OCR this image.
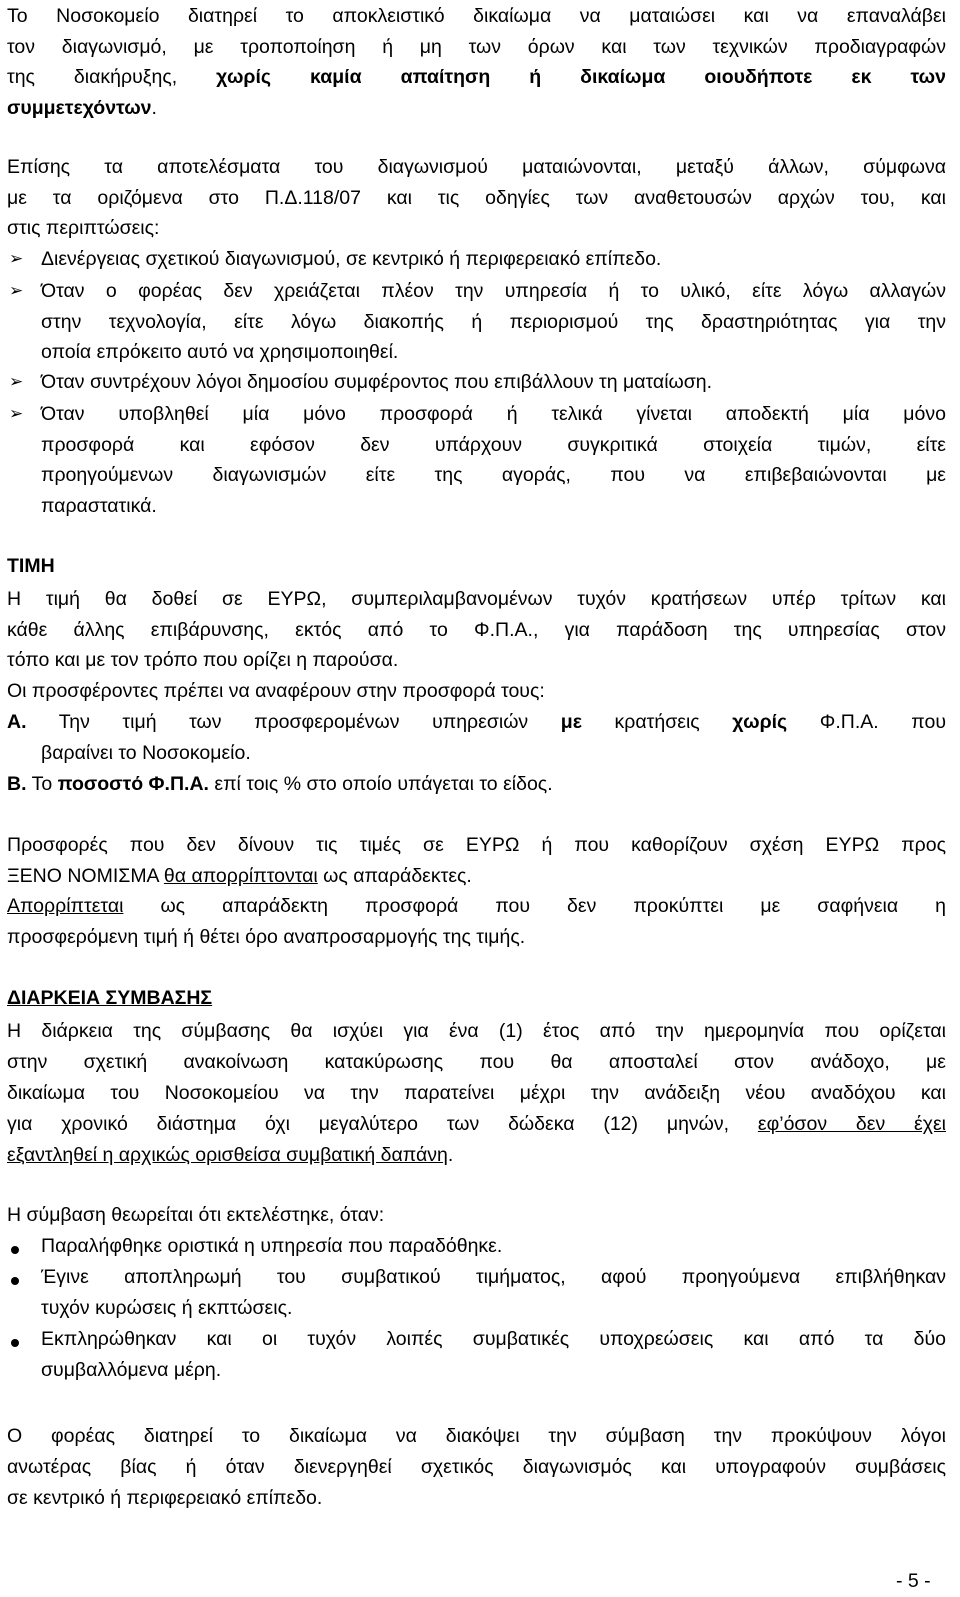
Το Νοσοκομείο διατηρεί το αποκλειστικό δικαίωμα να ματαιώσει και να επαναλάβει
τον διαγωνισμό, με τροποποίηση ή μη των όρων και των τεχνικών προδιαγραφών
της διακήρυξης, χωρίς καμία απαίτηση ή δικαίωμα οιουδήποτε εκ των
συμμετεχόντων.
Επίσης τα αποτελέσματα του διαγωνισμού ματαιώνονται, μεταξύ άλλων, σύμφωνα
με τα οριζόμενα στο Π.Δ.118/07 και τις οδηγίες των αναθετουσών αρχών του, και
στις περιπτώσεις:
➢ Διενέργειας σχετικού διαγωνισμού, σε κεντρικό ή περιφερειακό επίπεδο.
➢ Όταν ο φορέας δεν χρειάζεται πλέον την υπηρεσία ή το υλικό, είτε λόγω αλλαγών
στην τεχνολογία, είτε λόγω διακοπής ή περιορισμού της δραστηριότητας για την
οποία επρόκειτο αυτό να χρησιμοποιηθεί.
➢ Όταν συντρέχουν λόγοι δημοσίου συμφέροντος που επιβάλλουν τη ματαίωση.
➢ Όταν υποβληθεί μία μόνο προσφορά ή τελικά γίνεται αποδεκτή μία μόνο
προσφορά και εφόσον δεν υπάρχουν συγκριτικά στοιχεία τιμών, είτε
προηγούμενων διαγωνισμών είτε της αγοράς, που να επιβεβαιώνονται με
παραστατικά.
ΤΙΜΗ
Η τιμή θα δοθεί σε ΕΥΡΩ, συμπεριλαμβανομένων τυχόν κρατήσεων υπέρ τρίτων και
κάθε άλλης επιβάρυνσης, εκτός από το Φ.Π.Α., για παράδοση της υπηρεσίας στον
τόπο και με τον τρόπο που ορίζει η παρούσα.
Οι προσφέροντες πρέπει να αναφέρουν στην προσφορά τους:
Α. Την τιμή των προσφερομένων υπηρεσιών με κρατήσεις χωρίς Φ.Π.Α. που
βαραίνει το Νοσοκομείο.
Β. Το ποσοστό Φ.Π.Α. επί τοις % στο οποίο υπάγεται το είδος.
Προσφορές που δεν δίνουν τις τιμές σε ΕΥΡΩ ή που καθορίζουν σχέση ΕΥΡΩ προς
ΞΕΝΟ ΝΟΜΙΣΜΑ θα απορρίπτονται ως απαράδεκτες.
Απορρίπτεται ως απαράδεκτη προσφορά που δεν προκύπτει με σαφήνεια η
προσφερόμενη τιμή ή θέτει όρο αναπροσαρμογής της τιμής.
ΔΙΑΡΚΕΙΑ ΣΥΜΒΑΣΗΣ
Η διάρκεια της σύμβασης θα ισχύει για ένα (1) έτος από την ημερομηνία που ορίζεται
στην σχετική ανακοίνωση κατακύρωσης που θα αποσταλεί στον ανάδοχο, με
δικαίωμα του Νοσοκομείου να την παρατείνει μέχρι την ανάδειξη νέου αναδόχου και
για χρονικό διάστημα όχι μεγαλύτερο των δώδεκα (12) μηνών, εφ’όσον δεν έχει
εξαντληθεί η αρχικώς ορισθείσα συμβατική δαπάνη.
Η σύμβαση θεωρείται ότι εκτελέστηκε, όταν:
Παραλήφθηκε οριστικά η υπηρεσία που παραδόθηκε.
Έγινε αποπληρωμή του συμβατικού τιμήματος, αφού προηγούμενα επιβλήθηκαν
τυχόν κυρώσεις ή εκπτώσεις.
Εκπληρώθηκαν και οι τυχόν λοιπές συμβατικές υποχρεώσεις και από τα δύο
συμβαλλόμενα μέρη.
Ο φορέας διατηρεί το δικαίωμα να διακόψει την σύμβαση την προκύψουν λόγοι
ανωτέρας βίας ή όταν διενεργηθεί σχετικός διαγωνισμός και υπογραφούν συμβάσεις
σε κεντρικό ή περιφερειακό επίπεδο.
- 5 -
